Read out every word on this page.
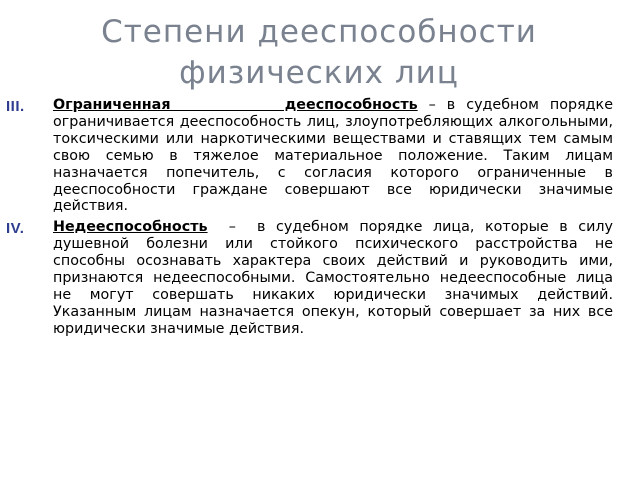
Степени дееспособности
физических лиц
III. Ограниченная          дееспособность – в судебном порядке ограничивается дееспособность лиц, злоупотребляющих алкогольными, токсическими или наркотическими веществами и ставящих тем самым свою семью в тяжелое материальное положение. Таким лицам назначается попечитель, с согласия которого ограниченные в дееспособности граждане совершают все юридически значимые действия.
IV. Недееспособность  –  в судебном порядке лица, которые в силу душевной болезни или стойкого психического расстройства не способны осознавать характера своих действий и руководить ими, признаются недееспособными. Самостоятельно недееспособные лица не могут совершать никаких юридически значимых действий. Указанным лицам назначается опекун, который совершает за них все юридически значимые действия.
